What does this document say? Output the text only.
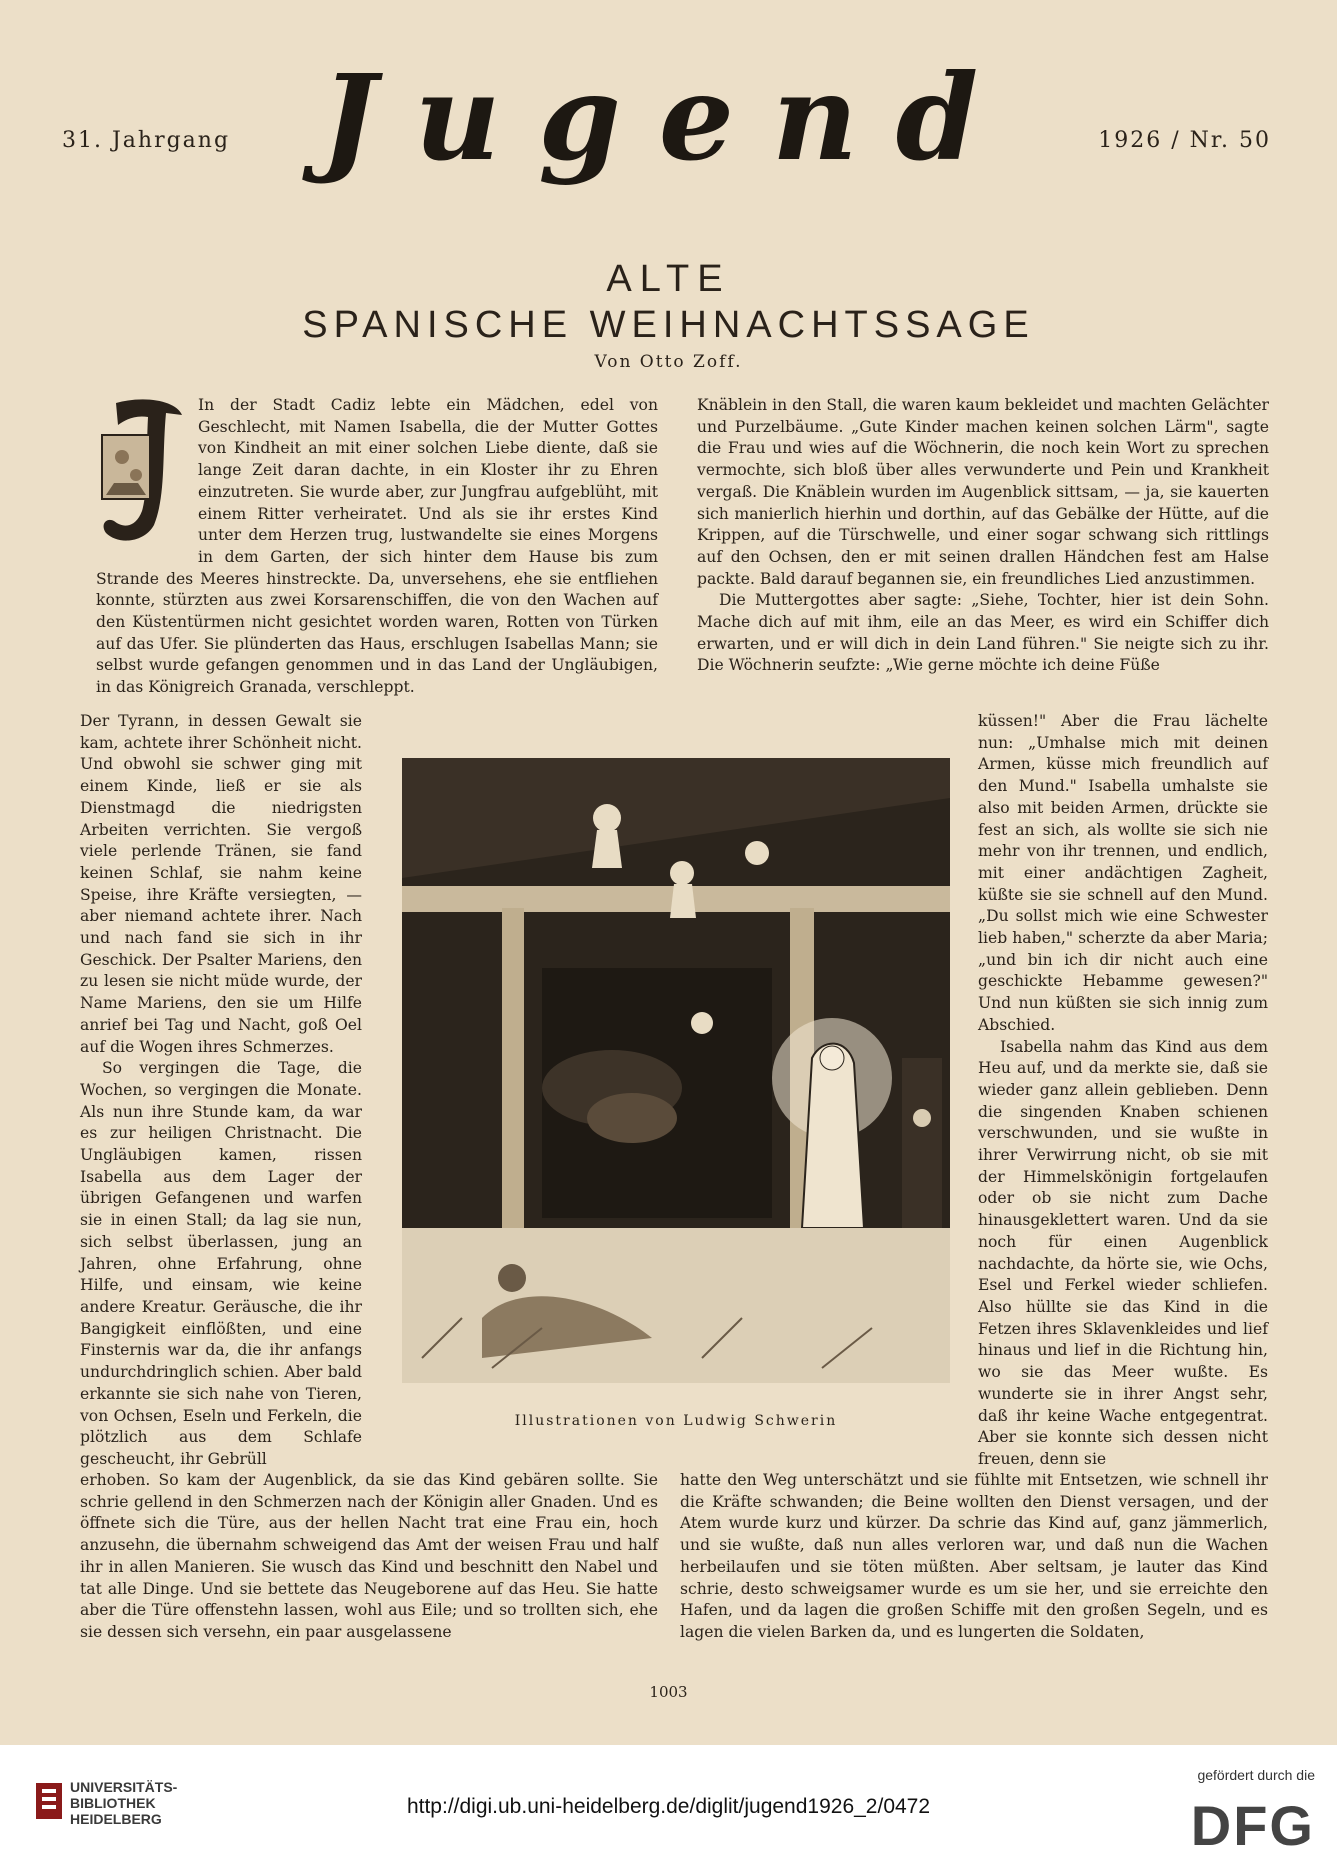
31. Jahrgang Jugend	1926 / Nr. 50
ALTE
SPANISCHE WEIHNACHTSSAGE
Von Otto Zoff.

In der Stadt Cadiz lebte ein Mädchen, edel von Geschlecht, mit Namen Isabella, die der Mutter Gottes von Kindheit an mit einer solchen Liebe diente, daß sie lange Zeit daran dachte, in ein Kloster ihr zu Ehren einzutreten. Sie wurde aber, zur Jungfrau aufgeblüht, mit einem Ritter verheiratet. Und als sie ihr erstes Kind unter dem Herzen trug, lustwandelte sie eines Morgens in dem Garten, der sich hinter dem Hause bis zum Strande des Meeres hinstreckte. Da, unversehens, ehe sie entfliehen konnte, stürzten aus zwei Korsarenschiffen, die von den Wachen auf den Küstentürmen nicht gesichtet worden waren, Rotten von Türken auf das Ufer. Sie plünderten das Haus, erschlugen Isabellas Mann; sie selbst wurde gefangen genommen und in das Land der Ungläubigen, in das Königreich Granada, verschleppt.

Der Tyrann, in dessen Gewalt sie kam, achtete ihrer Schönheit nicht. Und obwohl sie schwer ging mit einem Kinde, ließ er sie als Dienstmagd die niedrigsten Arbeiten verrichten. Sie vergoß viele perlende Tränen, sie fand keinen Schlaf, sie nahm keine Speise, ihre Kräfte versiegten, — aber niemand achtete ihrer. Nach und nach fand sie sich in ihr Geschick. Der Psalter Mariens, den zu lesen sie nicht müde wurde, der Name Mariens, den sie um Hilfe anrief bei Tag und Nacht, goß Oel auf die Wogen ihres Schmerzes.

So vergingen die Tage, die Wochen, so vergingen die Monate. Als nun ihre Stunde kam, da war es zur heiligen Christnacht. Die Ungläubigen kamen, rissen Isabella aus dem Lager der übrigen Gefangenen und warfen sie in einen Stall; da lag sie nun, sich selbst überlassen, jung an Jahren, ohne Erfahrung, ohne Hilfe, und einsam, wie keine andere Kreatur. Geräusche, die ihr Bangigkeit einflößten, und eine Finsternis war da, die ihr anfangs undurchdringlich schien. Aber bald erkannte sie sich nahe von Tieren, von Ochsen, Eseln und Ferkeln, die plötzlich aus dem Schlafe gescheucht, ihr Gebrüll

Illustrationen von Ludwig Schwerin

erhoben. So kam der Augenblick, da sie das Kind gebären sollte. Sie schrie gellend in den Schmerzen nach der Königin aller Gnaden. Und es öffnete sich die Türe, aus der hellen Nacht trat eine Frau ein, hoch anzusehn, die übernahm schweigend das Amt der weisen Frau und half ihr in allen Manieren. Sie wusch das Kind und beschnitt den Nabel und tat alle Dinge. Und sie bettete das Neugeborene auf das Heu. Sie hatte aber die Türe offenstehn lassen, wohl aus Eile; und so trollten sich, ehe sie dessen sich versehn, ein paar ausgelassene

Knäblein in den Stall, die waren kaum bekleidet und machten Gelächter und Purzelbäume. „Gute Kinder machen keinen solchen Lärm", sagte die Frau und wies auf die Wöchnerin, die noch kein Wort zu sprechen vermochte, sich bloß über alles verwunderte und Pein und Krankheit vergaß. Die Knäblein wurden im Augenblick sittsam, — ja, sie kauerten sich manierlich hierhin und dorthin, auf das Gebälke der Hütte, auf die Krippen, auf die Türschwelle, und einer sogar schwang sich rittlings auf den Ochsen, den er mit seinen drallen Händchen fest am Halse packte. Bald darauf begannen sie, ein freundliches Lied anzustimmen.

Die Muttergottes aber sagte: „Siehe, Tochter, hier ist dein Sohn. Mache dich auf mit ihm, eile an das Meer, es wird ein Schiffer dich erwarten, und er will dich in dein Land führen." Sie neigte sich zu ihr. Die Wöchnerin seufzte: „Wie gerne möchte ich deine Füße

küssen!" Aber die Frau lächelte nun: „Umhalse mich mit deinen Armen, küsse mich freundlich auf den Mund." Isabella umhalste sie also mit beiden Armen, drückte sie fest an sich, als wollte sie sich nie mehr von ihr trennen, und endlich, mit einer andächtigen Zagheit, küßte sie sie schnell auf den Mund. „Du sollst mich wie eine Schwester lieb haben," scherzte da aber Maria; „und bin ich dir nicht auch eine geschickte Hebamme gewesen?" Und nun küßten sie sich innig zum Abschied.

Isabella nahm das Kind aus dem Heu auf, und da merkte sie, daß sie wieder ganz allein geblieben. Denn die singenden Knaben schienen verschwunden, und sie wußte in ihrer Verwirrung nicht, ob sie mit der Himmelskönigin fortgelaufen oder ob sie nicht zum Dache hinausgeklettert waren. Und da sie noch für einen Augenblick nachdachte, da hörte sie, wie Ochs, Esel und Ferkel wieder schliefen. Also hüllte sie das Kind in die Fetzen ihres Sklavenkleides und lief hinaus und lief in die Richtung hin, wo sie das Meer wußte. Es wunderte sie in ihrer Angst sehr, daß ihr keine Wache entgegentrat. Aber sie konnte sich dessen nicht freuen, denn sie

hatte den Weg unterschätzt und sie fühlte mit Entsetzen, wie schnell ihr die Kräfte schwanden; die Beine wollten den Dienst versagen, und der Atem wurde kurz und kürzer. Da schrie das Kind auf, ganz jämmerlich, und sie wußte, daß nun alles verloren war, und daß nun die Wachen herbeilaufen und sie töten müßten. Aber seltsam, je lauter das Kind schrie, desto schweigsamer wurde es um sie her, und sie erreichte den Hafen, und da lagen die großen Schiffe mit den großen Segeln, und es lagen die vielen Barken da, und es lungerten die Soldaten,

1003
UNIVERSITÄTS-
BIBLIOTHEK
HEIDELBERG
http://digi.ub.uni-heidelberg.de/diglit/jugend1926_2/0472
gefördert durch die
DFG
